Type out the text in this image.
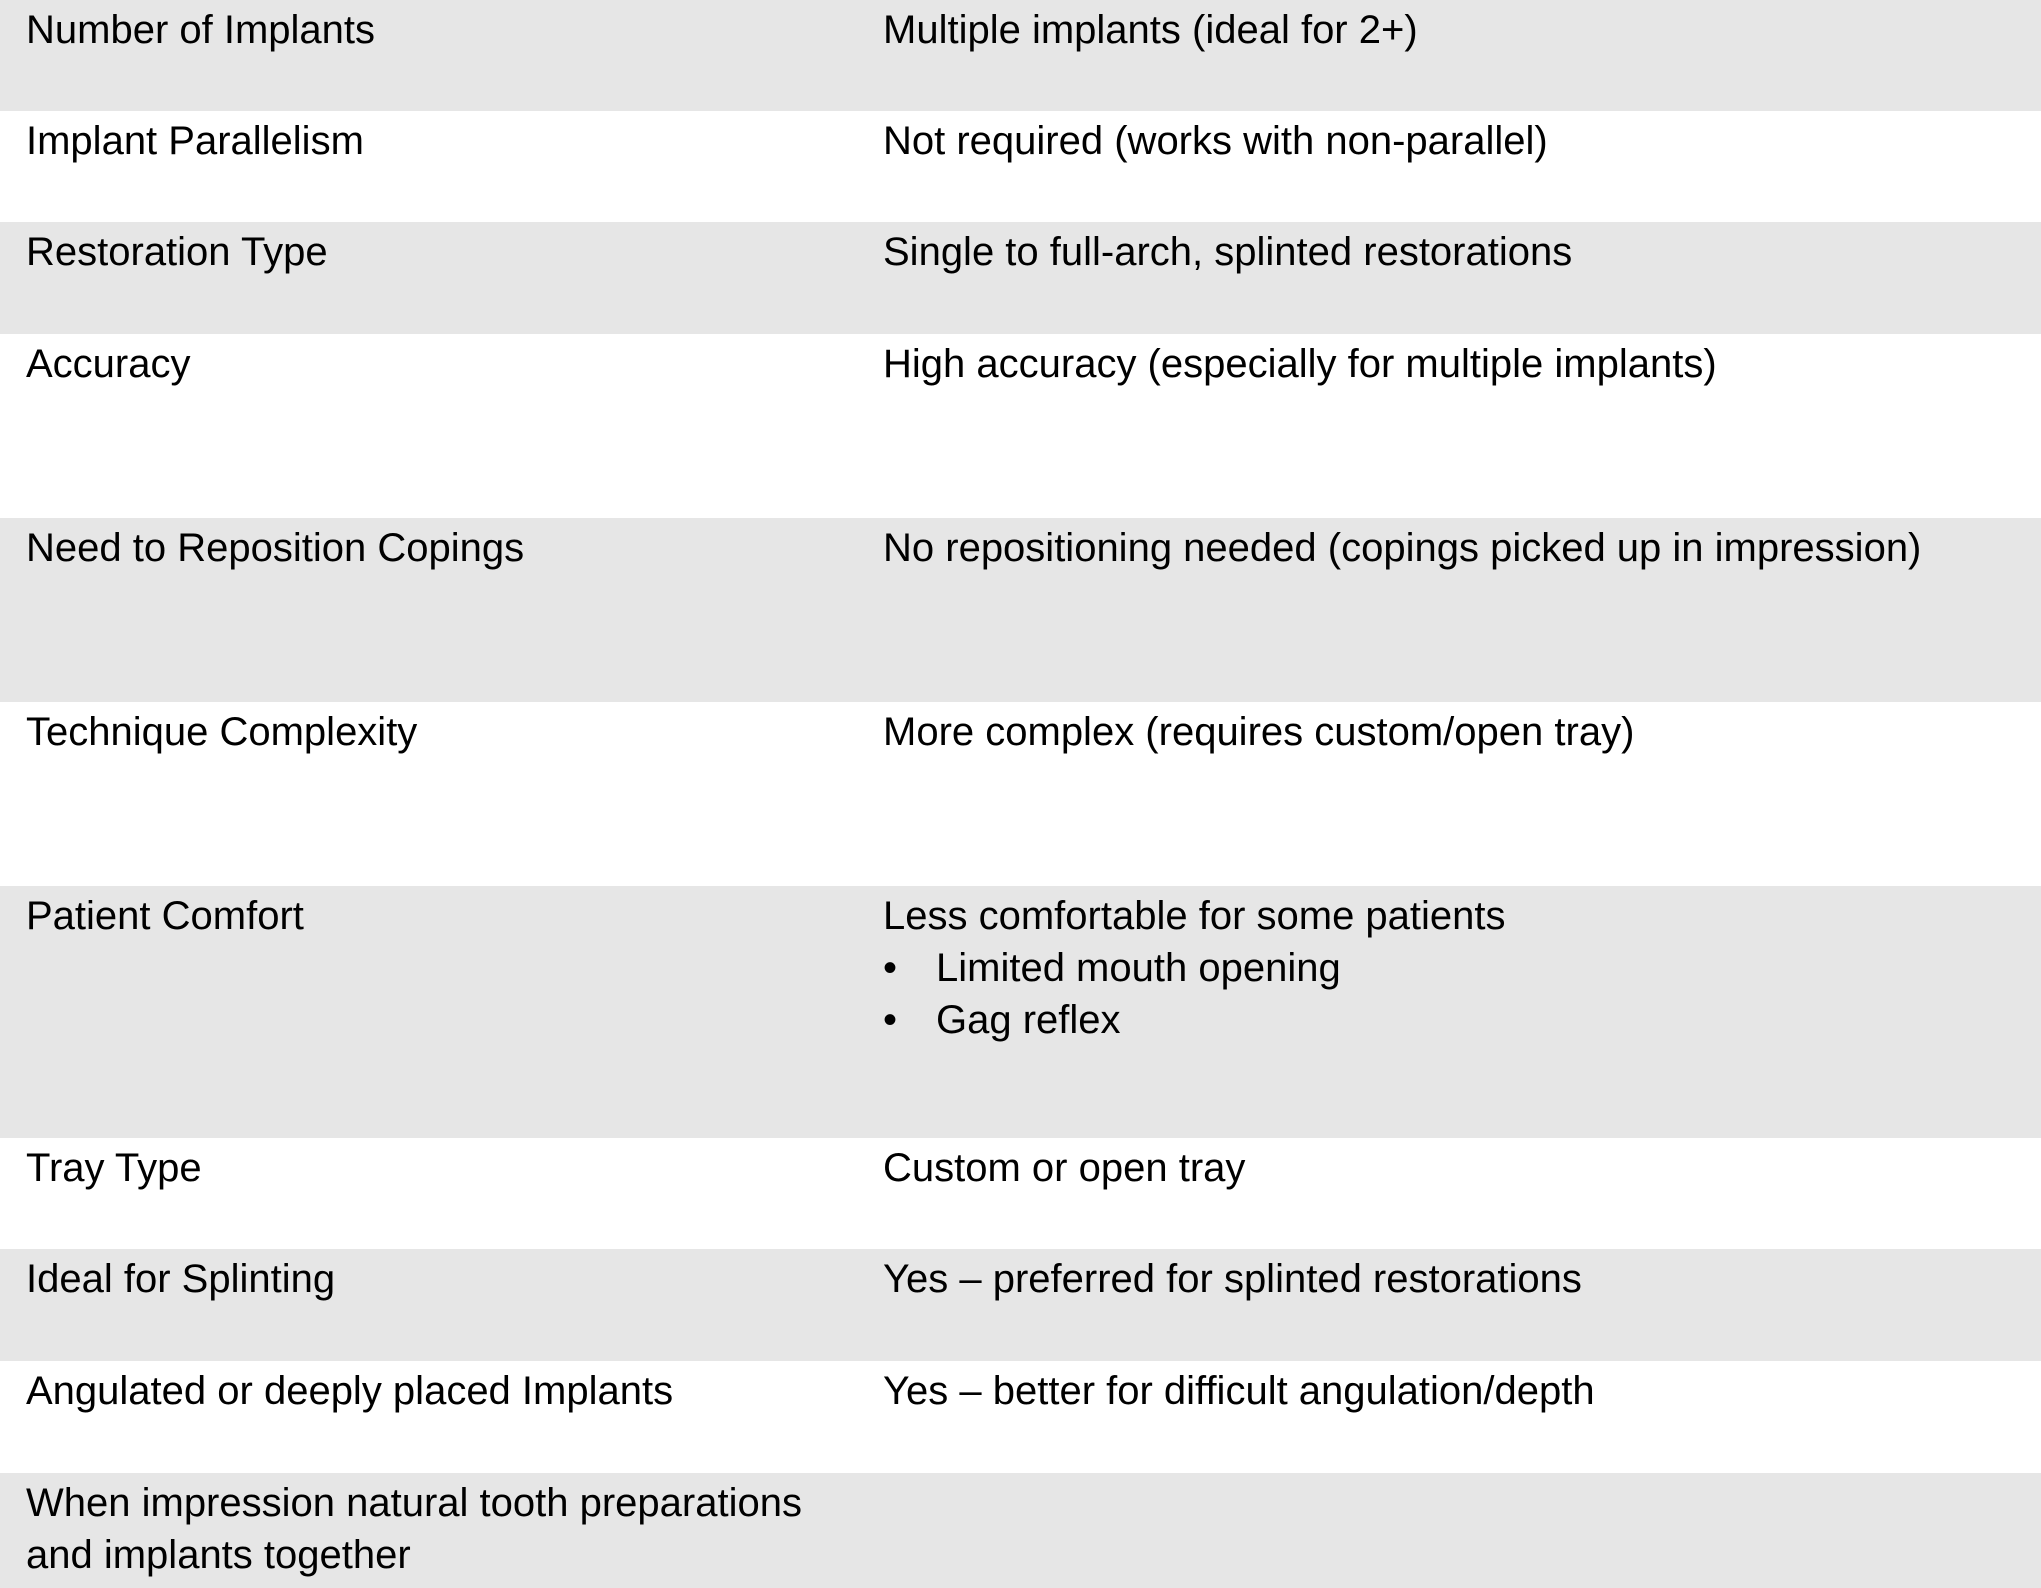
Number of Implants	Multiple implants (ideal for 2+)
Implant Parallelism	Not required (works with non-parallel)
Restoration Type	Single to full-arch, splinted restorations
Accuracy	High accuracy (especially for multiple implants)
Need to Reposition Copings	No repositioning needed (copings picked up in impression)
Technique Complexity	More complex (requires custom/open tray)
Patient Comfort	Less comfortable for some patients
• Limited mouth opening
• Gag reflex
Tray Type	Custom or open tray
Ideal for Splinting	Yes – preferred for splinted restorations
Angulated or deeply placed Implants	Yes – better for difficult angulation/depth
When impression natural tooth preparations and implants together
